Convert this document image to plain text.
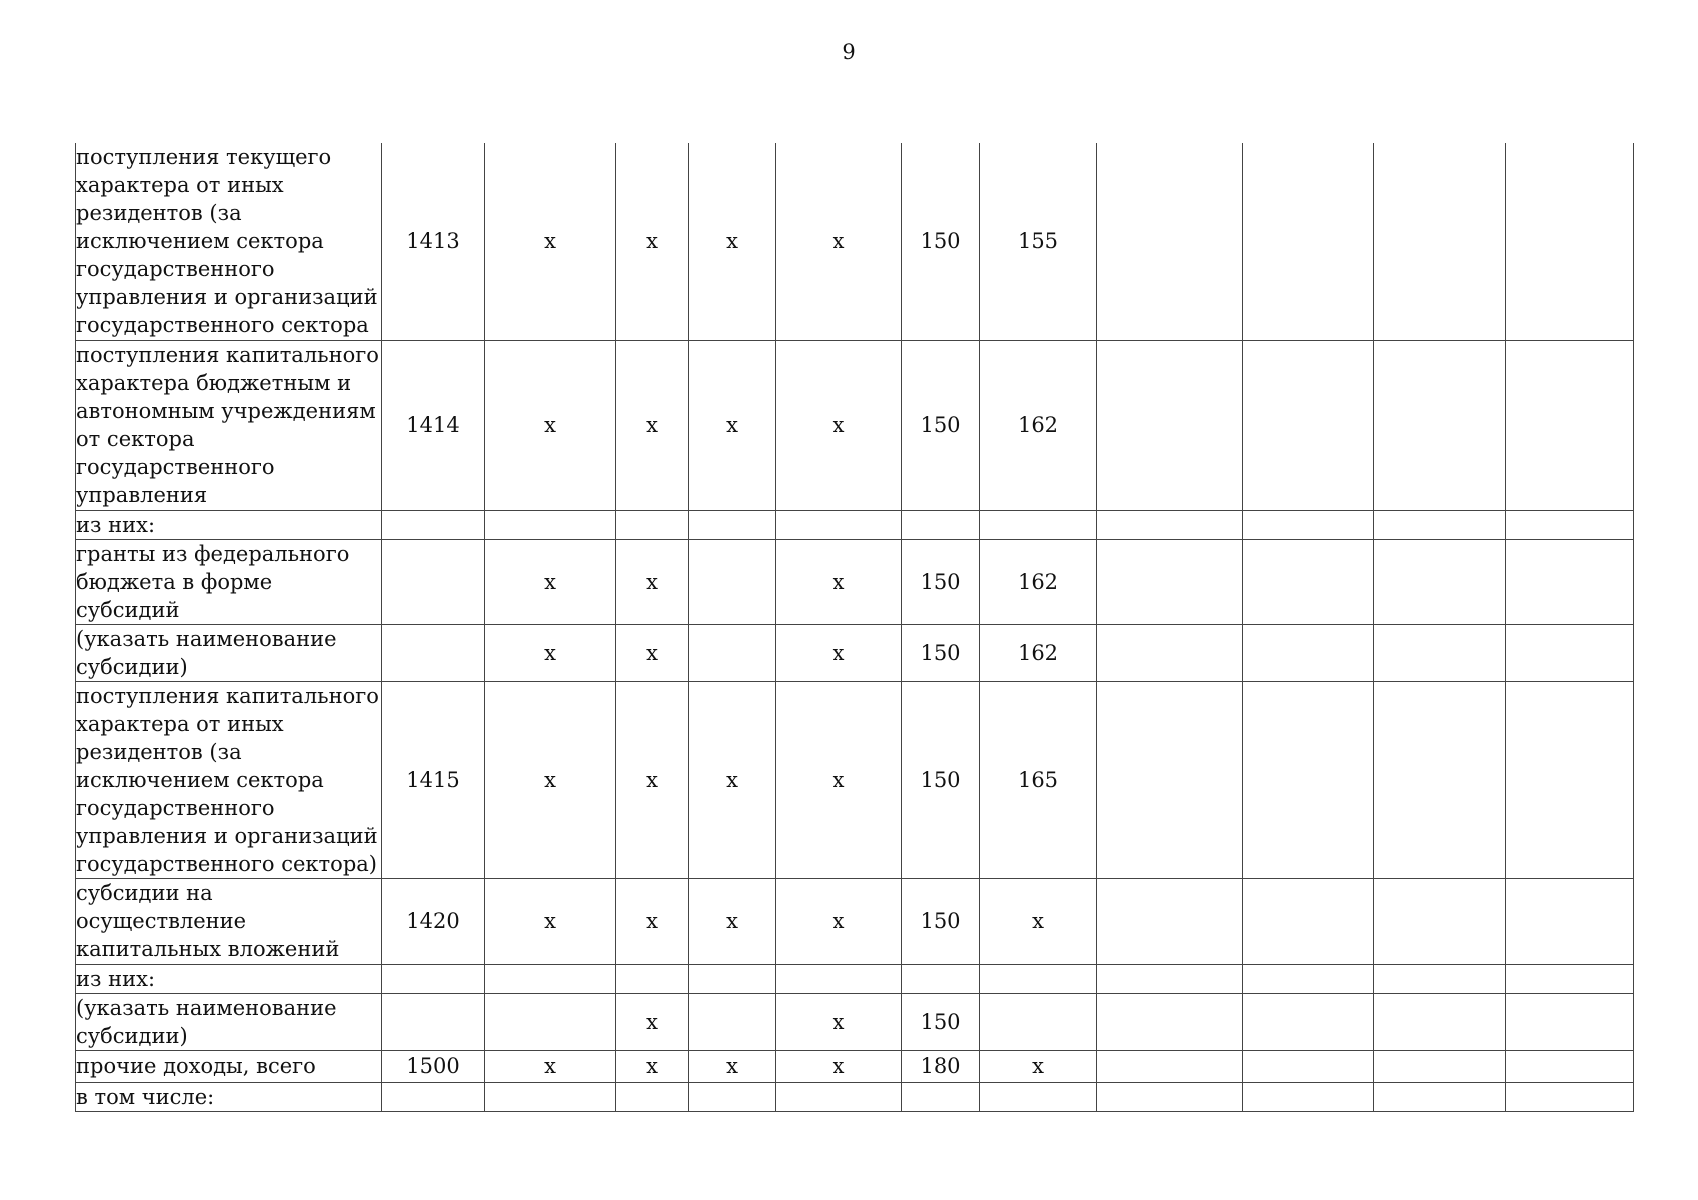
9
поступления текущего характера от иных резидентов (за исключением сектора государственного управления и организаций государственного сектора	1413	х	х	х	х	150	155				
поступления капитального характера бюджетным и автономным учреждениям от сектора государственного управления	1414	х	х	х	х	150	162				
из них:											
гранты из федерального бюджета в форме субсидий		х	х		х	150	162				
(указать наименование субсидии)		х	х		х	150	162				
поступления капитального характера от иных резидентов (за исключением сектора государственного управления и организаций государственного сектора)	1415	х	х	х	х	150	165				
субсидии на осуществление капитальных вложений	1420	х	х	х	х	150	х				
из них:											
(указать наименование субсидии)			х		х	150					
прочие доходы, всего	1500	х	х	х	х	180	х				
в том числе:											
